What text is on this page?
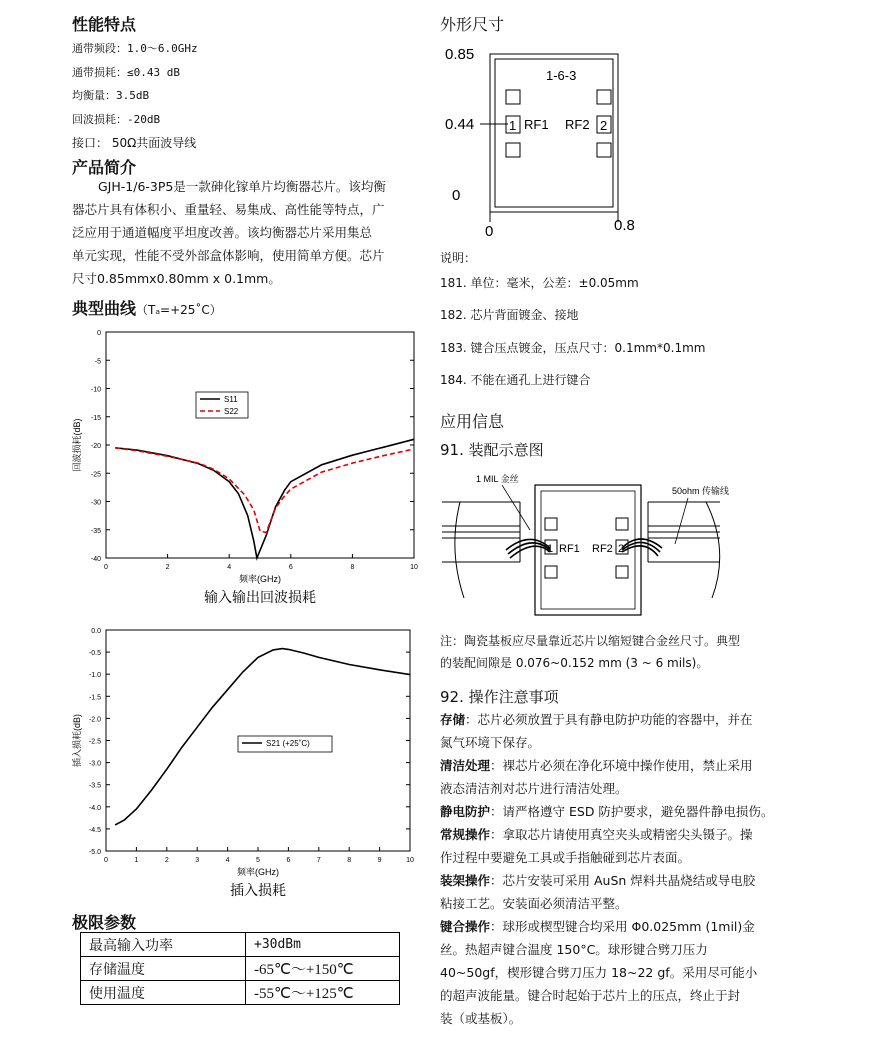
性能特点
通带频段：1.0～6.0GHz
通带损耗：≤0.43 dB
均衡量：3.5dB
回波损耗：-20dB
接口： 50Ω共面波导线
产品简介
GJH-1/6-3P5是一款砷化镓单片均衡器芯片。该均衡
器芯片具有体积小、重量轻、易集成、高性能等特点，广
泛应用于通道幅度平坦度改善。该均衡器芯片采用集总
单元实现，性能不受外部盒体影响，使用简单方便。芯片
尺寸0.85mmx0.80mm x 0.1mm。
典型曲线（Tₐ=+25˚C）
0
-5
-10
-15
-20
-25
-30
-35
-40
0	2	4	6	8	10
频率(GHz)
回波损耗(dB)
输入输出回波损耗
S11
S22
0.0
-0.5
-1.0
-1.5
-2.0
-2.5
-3.0
-3.5
-4.0
-4.5
-5.0
0	1	2	3	4	5	6	7	8	9	10
频率(GHz)
插入损耗(dB)
插入损耗
S21 (+25˚C)
极限参数
最高输入功率	+30dBm
存储温度	-65℃～+150℃
使用温度	-55℃～+125℃
外形尺寸
0.85
0.44
0
0	0.8
1-6-3
1 RF1	2
RF2
说明：
181. 单位：毫米，公差：±0.05mm
182. 芯片背面镀金、接地
183. 键合压点镀金，压点尺寸：0.1mm*0.1mm
184. 不能在通孔上进行键合
应用信息
91. 装配示意图
1 MIL 金丝
50ohm 传输线
1 RF1	2
RF2
注：陶瓷基板应尽量靠近芯片以缩短键合金丝尺寸。典型
的装配间隙是 0.076~0.152 mm (3 ~ 6 mils)。
92. 操作注意事项
存储：芯片必须放置于具有静电防护功能的容器中，并在
氮气环境下保存。
清洁处理：裸芯片必须在净化环境中操作使用，禁止采用
液态清洁剂对芯片进行清洁处理。
静电防护：请严格遵守 ESD 防护要求，避免器件静电损伤。
常规操作：拿取芯片请使用真空夹头或精密尖头镊子。操
作过程中要避免工具或手指触碰到芯片表面。
装架操作：芯片安装可采用 AuSn 焊料共晶烧结或导电胶
粘接工艺。安装面必须清洁平整。
键合操作：球形或楔型键合均采用 Φ0.025mm (1mil)金
丝。热超声键合温度 150°C。球形键合劈刀压力
40~50gf，楔形键合劈刀压力 18~22 gf。采用尽可能小
的超声波能量。键合时起始于芯片上的压点，终止于封
装（或基板）。
